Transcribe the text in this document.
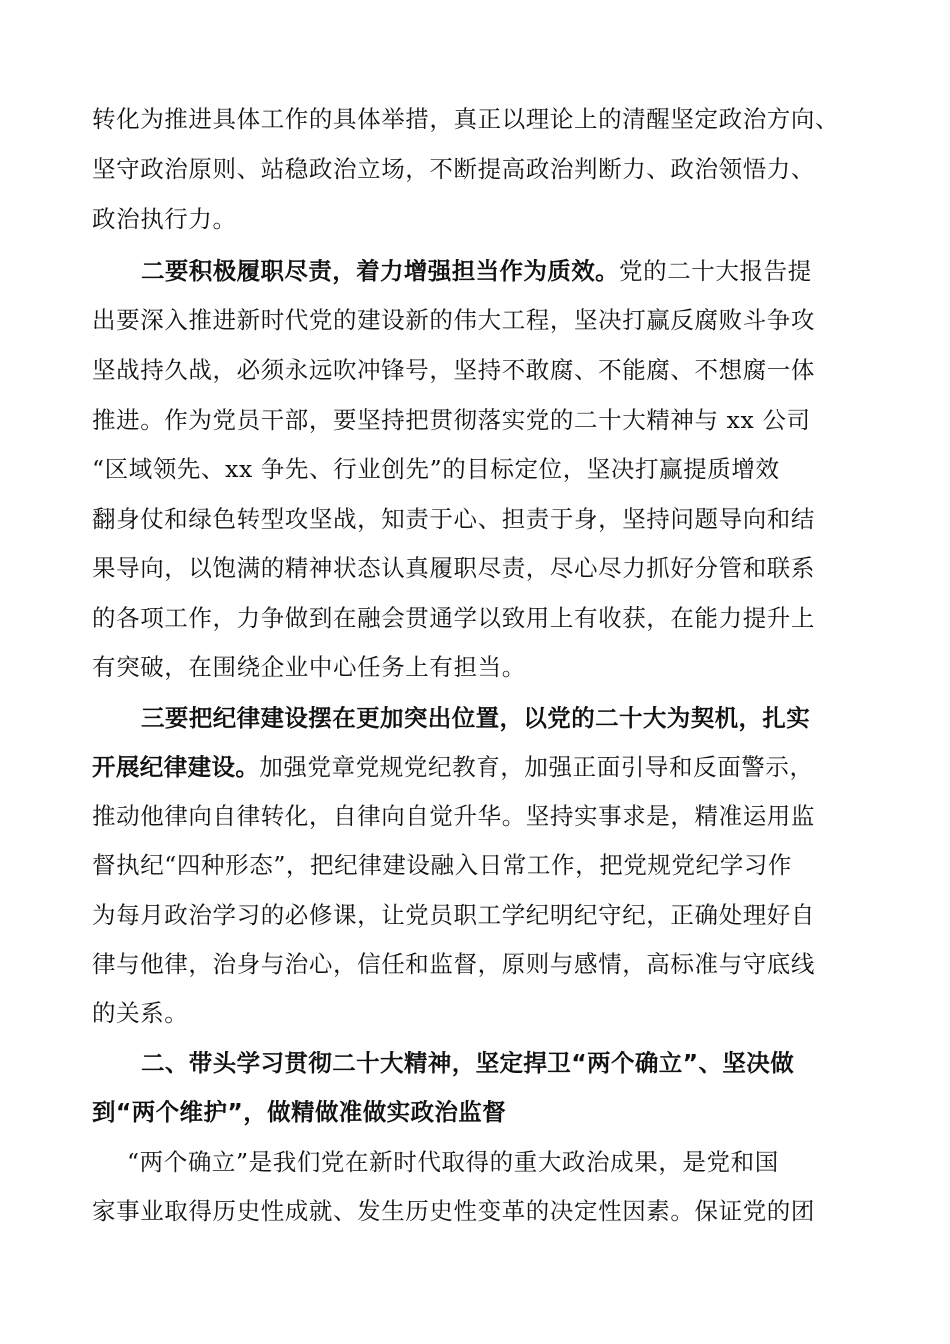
转化为推进具体工作的具体举措，真正以理论上的清醒坚定政治方向、
坚守政治原则、站稳政治立场，不断提高政治判断力、政治领悟力、
政治执行力。
二要积极履职尽责，着力增强担当作为质效。党的二十大报告提
出要深入推进新时代党的建设新的伟大工程，坚决打赢反腐败斗争攻
坚战持久战，必须永远吹冲锋号，坚持不敢腐、不能腐、不想腐一体
推进。作为党员干部，要坚持把贯彻落实党的二十大精神与 xx 公司
“区域领先、xx 争先、行业创先”的目标定位，坚决打赢提质增效
翻身仗和绿色转型攻坚战，知责于心、担责于身，坚持问题导向和结
果导向，以饱满的精神状态认真履职尽责，尽心尽力抓好分管和联系
的各项工作，力争做到在融会贯通学以致用上有收获，在能力提升上
有突破，在围绕企业中心任务上有担当。
三要把纪律建设摆在更加突出位置，以党的二十大为契机，扎实
开展纪律建设。加强党章党规党纪教育，加强正面引导和反面警示，
推动他律向自律转化，自律向自觉升华。坚持实事求是，精准运用监
督执纪“四种形态”，把纪律建设融入日常工作，把党规党纪学习作
为每月政治学习的必修课，让党员职工学纪明纪守纪，正确处理好自
律与他律，治身与治心，信任和监督，原则与感情，高标准与守底线
的关系。
二、带头学习贯彻二十大精神，坚定捍卫“两个确立”、坚决做
到“两个维护”，做精做准做实政治监督
“两个确立”是我们党在新时代取得的重大政治成果，是党和国
家事业取得历史性成就、发生历史性变革的决定性因素。保证党的团
